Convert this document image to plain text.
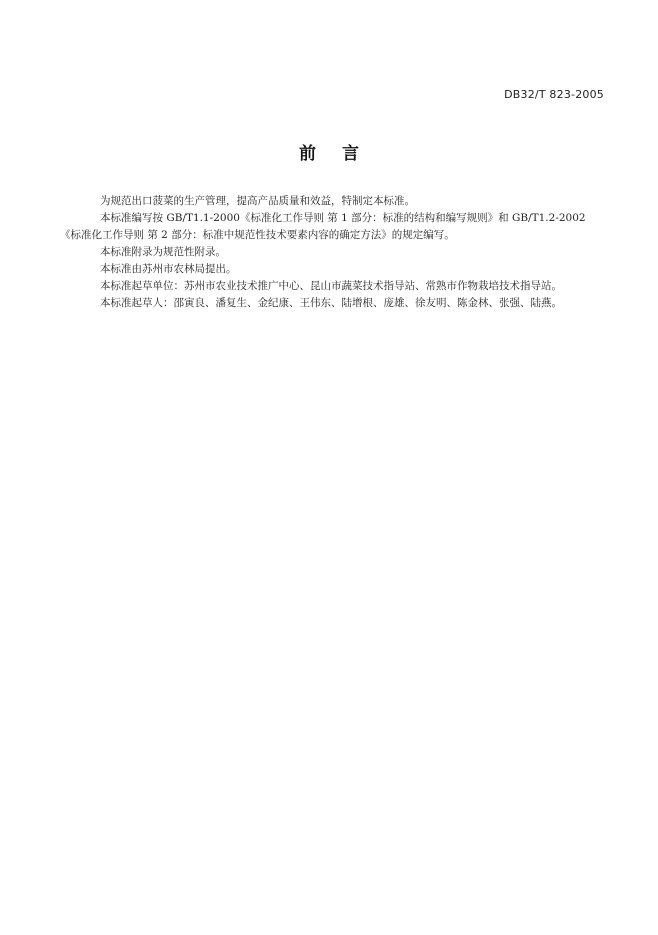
DB32/T 823-2005
前言

为规范出口菠菜的生产管理，提高产品质量和效益，特制定本标准。

本标准编写按 GB/T1.1-2000《标准化工作导则 第 1 部分：标准的结构和编写规则》和 GB/T1.2-2002
《标准化工作导则 第 2 部分：标准中规范性技术要素内容的确定方法》的规定编写。

本标准附录为规范性附录。

本标准由苏州市农林局提出。

本标准起草单位：苏州市农业技术推广中心、昆山市蔬菜技术指导站、常熟市作物栽培技术指导站。

本标准起草人：邵寅良、潘复生、金纪康、王伟东、陆增根、庞雄、徐友明、陈金林、张强、陆燕。
